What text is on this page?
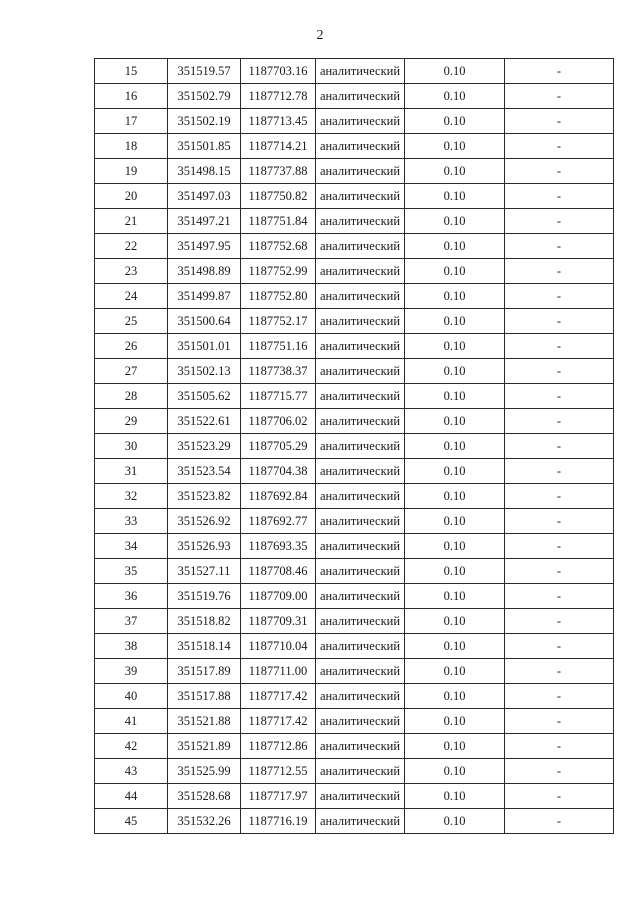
2
15	351519.57	1187703.16	аналитический	0.10	-
16	351502.79	1187712.78	аналитический	0.10	-
17	351502.19	1187713.45	аналитический	0.10	-
18	351501.85	1187714.21	аналитический	0.10	-
19	351498.15	1187737.88	аналитический	0.10	-
20	351497.03	1187750.82	аналитический	0.10	-
21	351497.21	1187751.84	аналитический	0.10	-
22	351497.95	1187752.68	аналитический	0.10	-
23	351498.89	1187752.99	аналитический	0.10	-
24	351499.87	1187752.80	аналитический	0.10	-
25	351500.64	1187752.17	аналитический	0.10	-
26	351501.01	1187751.16	аналитический	0.10	-
27	351502.13	1187738.37	аналитический	0.10	-
28	351505.62	1187715.77	аналитический	0.10	-
29	351522.61	1187706.02	аналитический	0.10	-
30	351523.29	1187705.29	аналитический	0.10	-
31	351523.54	1187704.38	аналитический	0.10	-
32	351523.82	1187692.84	аналитический	0.10	-
33	351526.92	1187692.77	аналитический	0.10	-
34	351526.93	1187693.35	аналитический	0.10	-
35	351527.11	1187708.46	аналитический	0.10	-
36	351519.76	1187709.00	аналитический	0.10	-
37	351518.82	1187709.31	аналитический	0.10	-
38	351518.14	1187710.04	аналитический	0.10	-
39	351517.89	1187711.00	аналитический	0.10	-
40	351517.88	1187717.42	аналитический	0.10	-
41	351521.88	1187717.42	аналитический	0.10	-
42	351521.89	1187712.86	аналитический	0.10	-
43	351525.99	1187712.55	аналитический	0.10	-
44	351528.68	1187717.97	аналитический	0.10	-
45	351532.26	1187716.19	аналитический	0.10	-
